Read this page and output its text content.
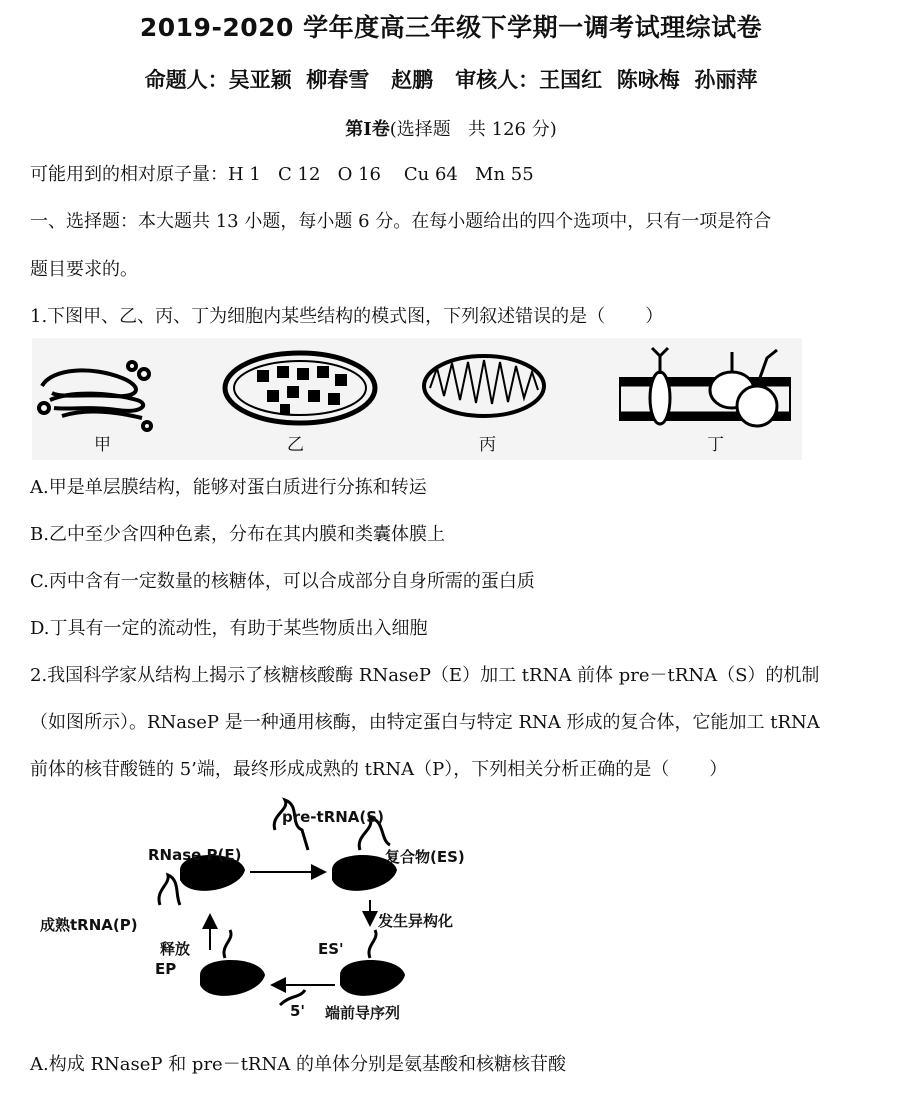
2019-2020 学年度高三年级下学期一调考试理综试卷
命题人：吴亚颖  柳春雪   赵鹏   审核人：王国红  陈咏梅  孙丽萍
第Ⅰ卷(选择题   共 126 分)
可能用到的相对原子量：H 1   C 12   O 16    Cu 64   Mn 55
一、选择题：本大题共 13 小题，每小题 6 分。在每小题给出的四个选项中，只有一项是符合
题目要求的。
1.下图甲、乙、丙、丁为细胞内某些结构的模式图，下列叙述错误的是（       ）
甲	乙	丙	丁
A.甲是单层膜结构，能够对蛋白质进行分拣和转运
B.乙中至少含四种色素，分布在其内膜和类囊体膜上
C.丙中含有一定数量的核糖体，可以合成部分自身所需的蛋白质
D.丁具有一定的流动性，有助于某些物质出入细胞
2.我国科学家从结构上揭示了核糖核酸酶 RNaseP（E）加工 tRNA 前体 pre－tRNA（S）的机制
（如图所示）。RNaseP 是一种通用核酶，由特定蛋白与特定 RNA 形成的复合体，它能加工 tRNA
前体的核苷酸链的 5’端，最终形成成熟的 tRNA（P），下列相关分析正确的是（       ）
pre-tRNA(S)
RNase P(E)	复合物(ES)
发生异构化
ES'
5' 端前导序列
成熟tRNA(P)
释放
EP
A.构成 RNaseP 和 pre－tRNA 的单体分别是氨基酸和核糖核苷酸
